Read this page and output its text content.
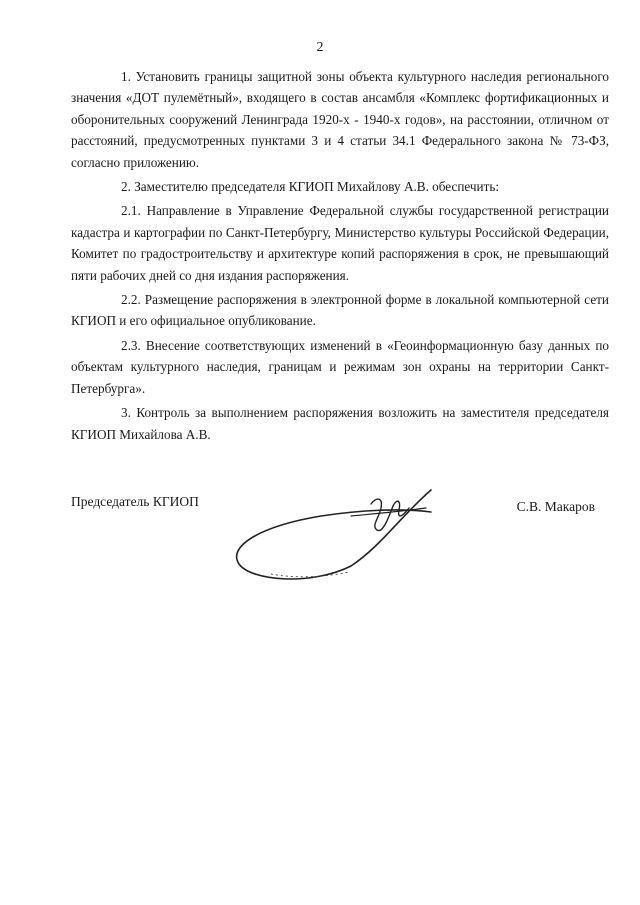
2

1. Установить границы защитной зоны объекта культурного наследия регионального значения «ДОТ пулемётный», входящего в состав ансамбля «Комплекс фортификационных и оборонительных сооружений Ленинграда 1920-х - 1940-х годов», на расстоянии, отличном от расстояний, предусмотренных пунктами 3 и 4 статьи 34.1 Федерального закона № 73-ФЗ, согласно приложению.

2. Заместителю председателя КГИОП Михайлову А.В. обеспечить:

2.1. Направление в Управление Федеральной службы государственной регистрации кадастра и картографии по Санкт-Петербургу, Министерство культуры Российской Федерации, Комитет по градостроительству и архитектуре копий распоряжения в срок, не превышающий пяти рабочих дней со дня издания распоряжения.

2.2. Размещение распоряжения в электронной форме в локальной компьютерной сети КГИОП и его официальное опубликование.

2.3. Внесение соответствующих изменений в «Геоинформационную базу данных по объектам культурного наследия, границам и режимам зон охраны на территории Санкт-Петербурга».

3. Контроль за выполнением распоряжения возложить на заместителя председателя КГИОП Михайлова А.В.

Председатель КГИОП	С.В. Макаров
